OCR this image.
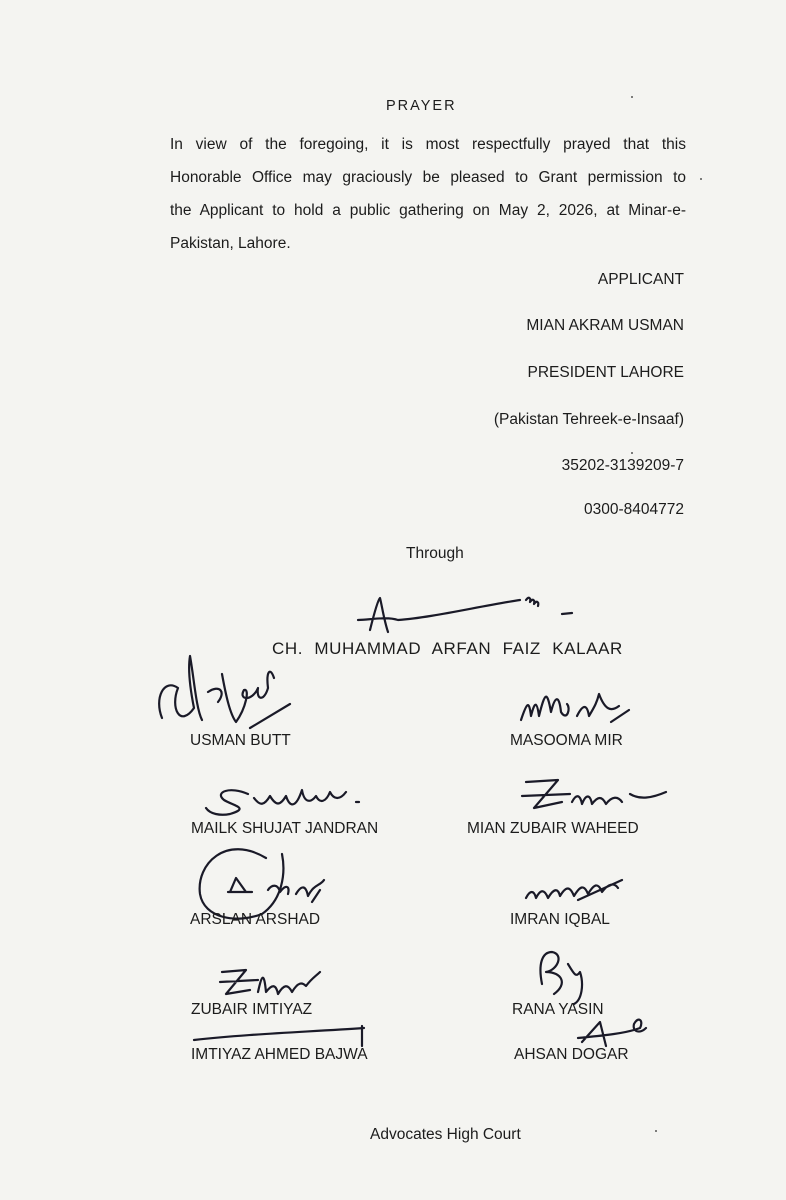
PRAYER

In view of the foregoing, it is most respectfully prayed that this

Honorable Office may graciously be pleased to Grant permission to

the Applicant to hold a public gathering on May 2, 2026, at Minar-e-

Pakistan, Lahore.

APPLICANT
MIAN AKRAM USMAN
PRESIDENT LAHORE
(Pakistan Tehreek-e-Insaaf)
35202-3139209-7
0300-8404772
Through
CH. MUHAMMAD ARFAN FAIZ KALAAR
USMAN BUTT	MASOOMA MIR
MAILK SHUJAT JANDRAN	MIAN ZUBAIR WAHEED
ARSLAN ARSHAD	IMRAN IQBAL
ZUBAIR IMTIYAZ	RANA YASIN
IMTIYAZ AHMED BAJWA	AHSAN DOGAR
Advocates High Court
